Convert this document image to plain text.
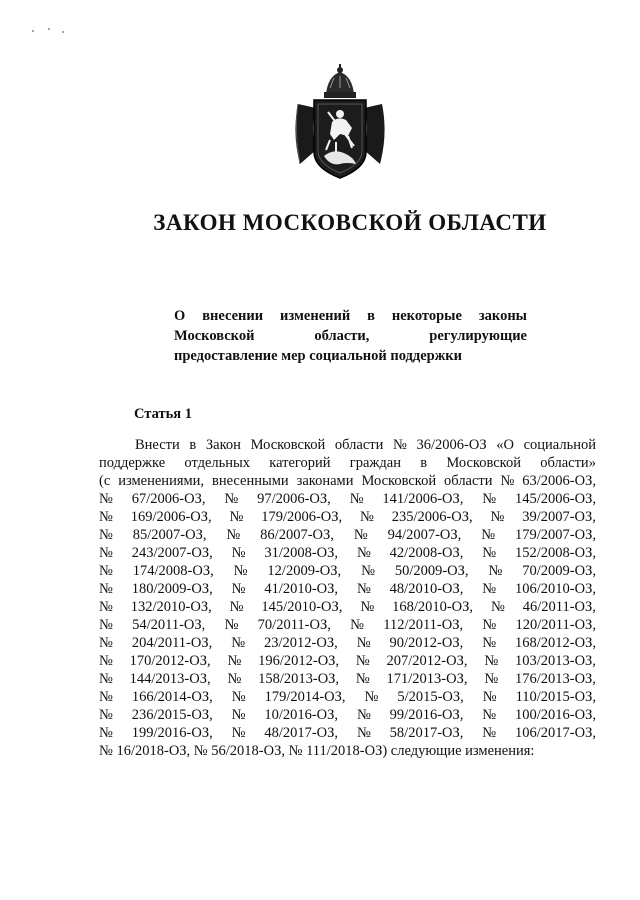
ЗАКОН МОСКОВСКОЙ ОБЛАСТИ
О внесении изменений в некоторые законы
Московской	области,	регулирующие
предоставление мер социальной поддержки
Статья 1
Внести в Закон Московской области № 36/2006-ОЗ «О социальной
поддержке отдельных категорий граждан в Московской области»
(с изменениями, внесенными законами Московской области № 63/2006-ОЗ,
№ 67/2006-ОЗ, № 97/2006-ОЗ, № 141/2006-ОЗ, № 145/2006-ОЗ,
№ 169/2006-ОЗ, № 179/2006-ОЗ, № 235/2006-ОЗ, № 39/2007-ОЗ,
№ 85/2007-ОЗ, № 86/2007-ОЗ, № 94/2007-ОЗ, № 179/2007-ОЗ,
№ 243/2007-ОЗ, № 31/2008-ОЗ, № 42/2008-ОЗ, № 152/2008-ОЗ,
№ 174/2008-ОЗ, № 12/2009-ОЗ, № 50/2009-ОЗ, № 70/2009-ОЗ,
№ 180/2009-ОЗ, № 41/2010-ОЗ, № 48/2010-ОЗ, № 106/2010-ОЗ,
№ 132/2010-ОЗ, № 145/2010-ОЗ, № 168/2010-ОЗ, № 46/2011-ОЗ,
№ 54/2011-ОЗ, № 70/2011-ОЗ, № 112/2011-ОЗ, № 120/2011-ОЗ,
№ 204/2011-ОЗ, № 23/2012-ОЗ, № 90/2012-ОЗ, № 168/2012-ОЗ,
№ 170/2012-ОЗ, № 196/2012-ОЗ, № 207/2012-ОЗ, № 103/2013-ОЗ,
№ 144/2013-ОЗ, № 158/2013-ОЗ, № 171/2013-ОЗ, № 176/2013-ОЗ,
№ 166/2014-ОЗ, № 179/2014-ОЗ, № 5/2015-ОЗ, № 110/2015-ОЗ,
№ 236/2015-ОЗ, № 10/2016-ОЗ, № 99/2016-ОЗ, № 100/2016-ОЗ,
№ 199/2016-ОЗ, № 48/2017-ОЗ, № 58/2017-ОЗ, № 106/2017-ОЗ,
№ 16/2018-ОЗ, № 56/2018-ОЗ, № 111/2018-ОЗ) следующие изменения:
